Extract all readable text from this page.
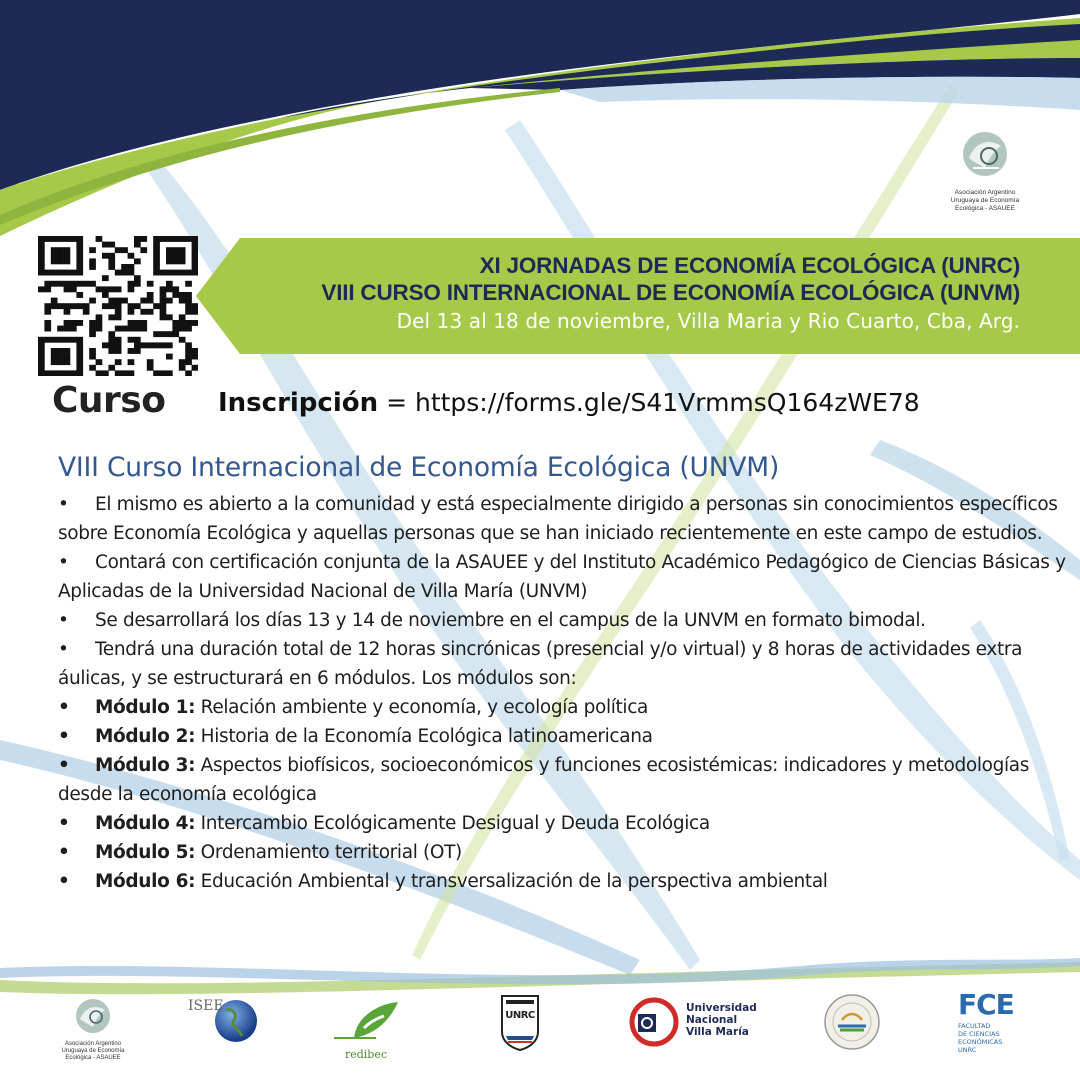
Asociación Argentino Uruguaya de Economía Ecológica - ASAUEE
XI JORNADAS DE ECONOMÍA ECOLÓGICA (UNRC)
VIII CURSO INTERNACIONAL DE ECONOMÍA ECOLÓGICA (UNVM)
Del 13 al 18 de noviembre, Villa Maria y Rio Cuarto, Cba, Arg.
Curso Inscripción = https://forms.gle/S41VrmmsQ164zWE78

VIII Curso Internacional de Economía Ecológica (UNVM)

• El mismo es abierto a la comunidad y está especialmente dirigido a personas sin conocimientos específicos sobre Economía Ecológica y aquellas personas que se han iniciado recientemente en este campo de estudios.

• Contará con certificación conjunta de la ASAUEE y del Instituto Académico Pedagógico de Ciencias Básicas y Aplicadas de la Universidad Nacional de Villa María (UNVM)

• Se desarrollará los días 13 y 14 de noviembre en el campus de la UNVM en formato bimodal.

• Tendrá una duración total de 12 horas sincrónicas (presencial y/o virtual) y 8 horas de actividades extra áulicas, y se estructurará en 6 módulos. Los módulos son:

• Módulo 1: Relación ambiente y economía, y ecología política

• Módulo 2: Historia de la Economía Ecológica latinoamericana

• Módulo 3: Aspectos biofísicos, socioeconómicos y funciones ecosistémicas: indicadores y metodologías desde la economía ecológica

• Módulo 4: Intercambio Ecológicamente Desigual y Deuda Ecológica

• Módulo 5: Ordenamiento territorial (OT)

• Módulo 6: Educación Ambiental y transversalización de la perspectiva ambiental

Asociación Argentino Uruguaya de Economía Ecológica - ASAUEE
ISEE
redibec
UNRC
Universidad
Nacional
Villa María
FCE
FACULTAD
DE CIENCIAS
ECONÓMICAS
UNRC
